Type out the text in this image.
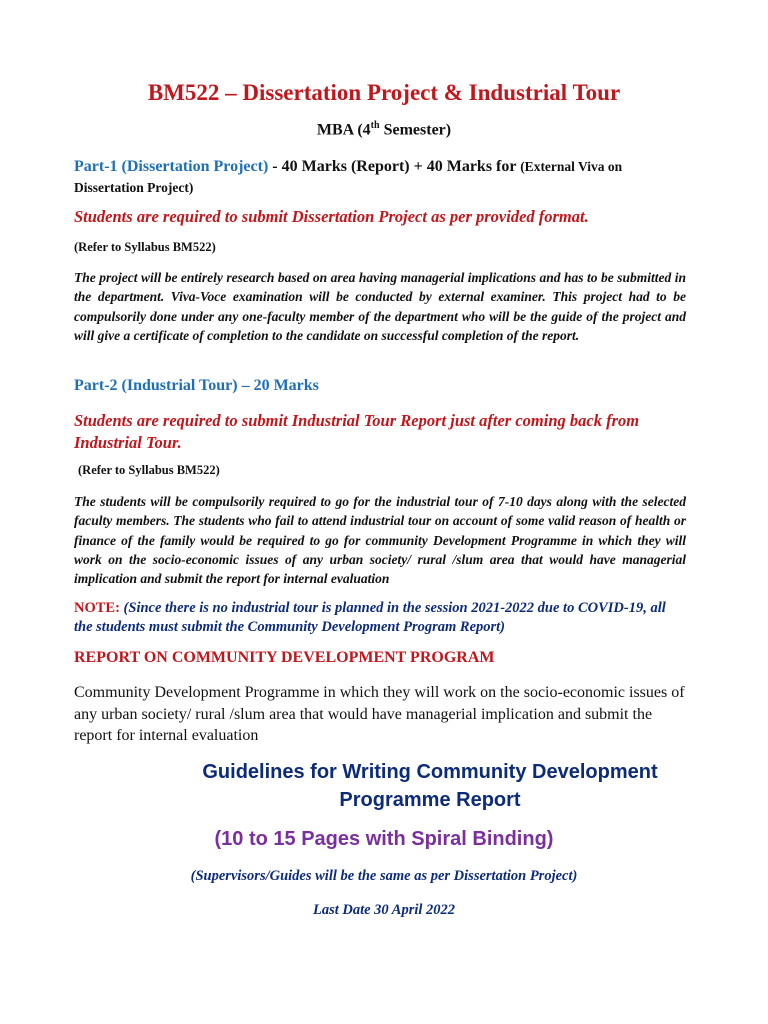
BM522 – Dissertation Project & Industrial Tour

MBA (4th Semester)

Part-1 (Dissertation Project) - 40 Marks (Report) + 40 Marks for (External Viva on Dissertation Project)

Students are required to submit Dissertation Project as per provided format.

(Refer to Syllabus BM522)

The project will be entirely research based on area having managerial implications and has to be submitted in the department. Viva-Voce examination will be conducted by external examiner. This project had to be compulsorily done under any one-faculty member of the department who will be the guide of the project and will give a certificate of completion to the candidate on successful completion of the report.

Part-2 (Industrial Tour) – 20 Marks

Students are required to submit Industrial Tour Report just after coming back from Industrial Tour.

(Refer to Syllabus BM522)

The students will be compulsorily required to go for the industrial tour of 7-10 days along with the selected faculty members. The students who fail to attend industrial tour on account of some valid reason of health or finance of the family would be required to go for community Development Programme in which they will work on the socio-economic issues of any urban society/ rural /slum area that would have managerial implication and submit the report for internal evaluation

NOTE: (Since there is no industrial tour is planned in the session 2021-2022 due to COVID-19, all the students must submit the Community Development Program Report)

REPORT ON COMMUNITY DEVELOPMENT PROGRAM

Community Development Programme in which they will work on the socio-economic issues of any urban society/ rural /slum area that would have managerial implication and submit the report for internal evaluation

Guidelines for Writing Community Development Programme Report

(10 to 15 Pages with Spiral Binding)

(Supervisors/Guides will be the same as per Dissertation Project)

Last Date 30 April 2022
